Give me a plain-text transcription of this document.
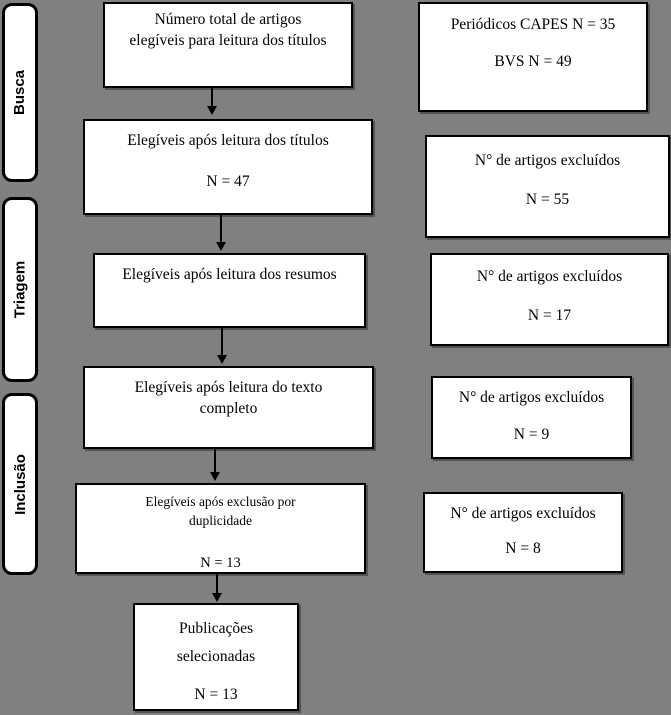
Busca
Triagem
Inclusão
Número total de artigos elegíveis para leitura dos títulos
Elegíveis após leitura dos títulos
N = 47
Elegíveis após leitura dos resumos
Elegíveis após leitura do texto completo
Elegíveis após exclusão por duplicidade
N = 13
Publicações selecionadas
N = 13
Periódicos CAPES N = 35
BVS N = 49
N° de artigos excluídos
N = 55
N° de artigos excluídos
N = 17
N° de artigos excluídos
N = 9
N° de artigos excluídos
N = 8
